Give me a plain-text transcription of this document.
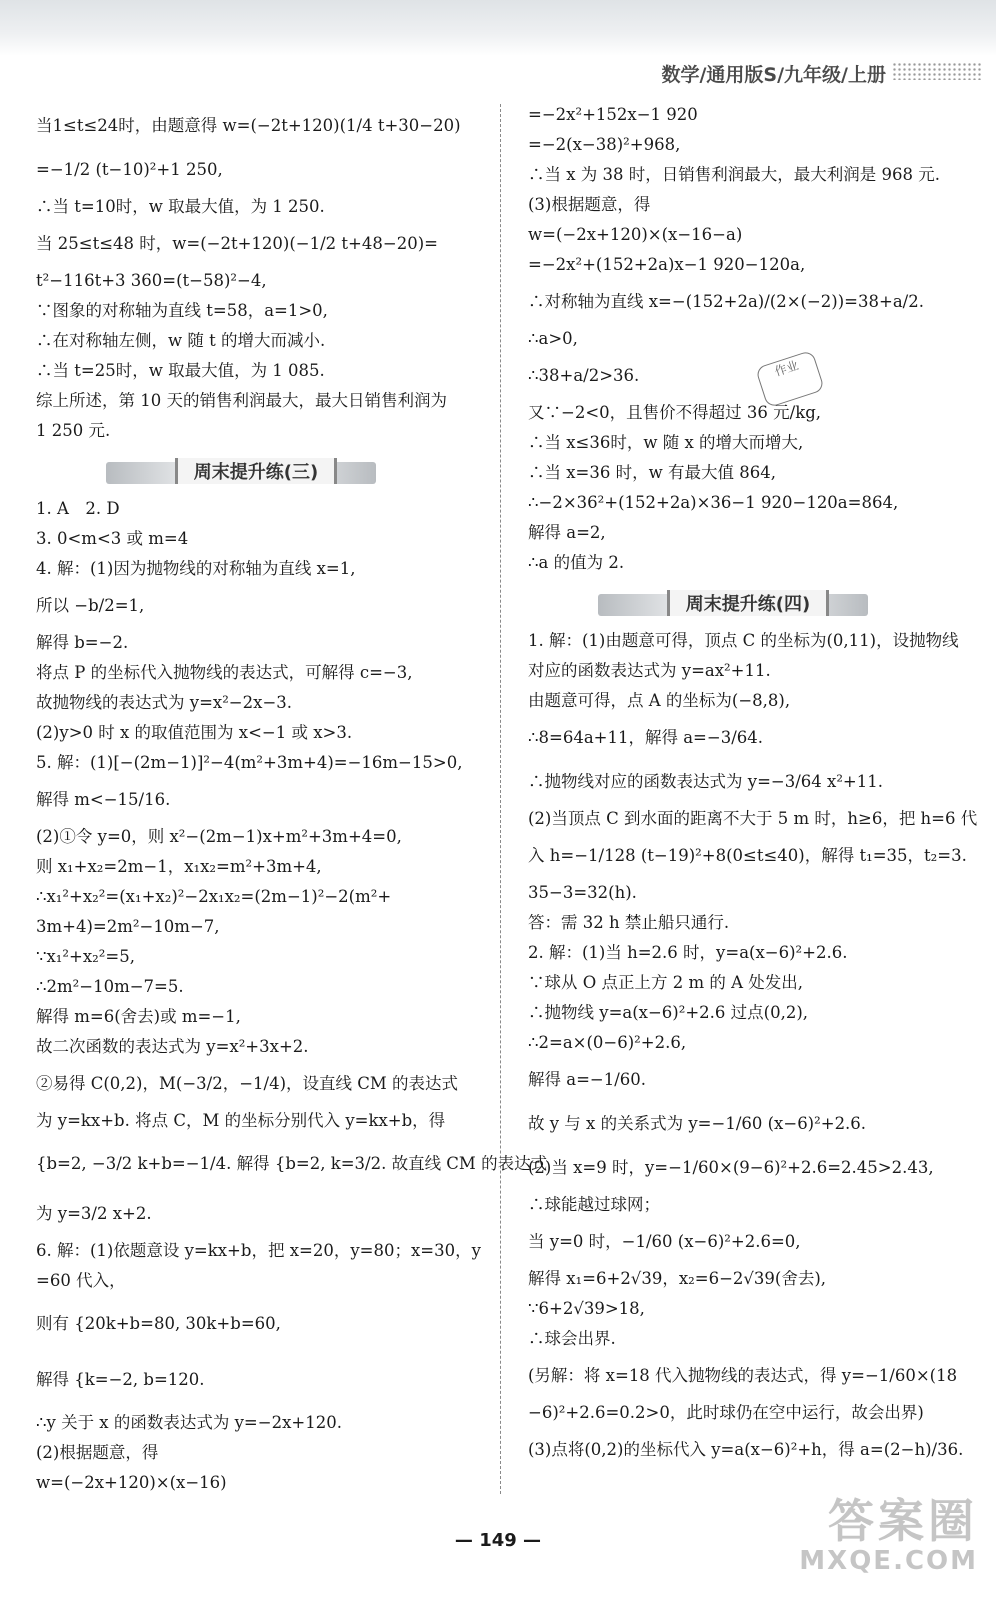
数学/通用版S/九年级/上册
当1≤t≤24时，由题意得 w=(−2t+120)(1/4 t+30−20)
=−1/2 (t−10)²+1 250,
∴当 t=10时，w 取最大值，为 1 250.
当 25≤t≤48 时，w=(−2t+120)(−1/2 t+48−20)=
t²−116t+3 360=(t−58)²−4,
∵图象的对称轴为直线 t=58，a=1>0,
∴在对称轴左侧，w 随 t 的增大而减小.
∴当 t=25时，w 取最大值，为 1 085.
综上所述，第 10 天的销售利润最大，最大日销售利润为
1 250 元.
周末提升练(三)
1. A　2. D
3. 0<m<3 或 m=4
4. 解：(1)因为抛物线的对称轴为直线 x=1,
所以 −b/2=1,
解得 b=−2.
将点 P 的坐标代入抛物线的表达式，可解得 c=−3,
故抛物线的表达式为 y=x²−2x−3.
(2)y>0 时 x 的取值范围为 x<−1 或 x>3.
5. 解：(1)[−(2m−1)]²−4(m²+3m+4)=−16m−15>0,
解得 m<−15/16.
(2)①令 y=0，则 x²−(2m−1)x+m²+3m+4=0,
则 x₁+x₂=2m−1，x₁x₂=m²+3m+4,
∴x₁²+x₂²=(x₁+x₂)²−2x₁x₂=(2m−1)²−2(m²+
3m+4)=2m²−10m−7,
∵x₁²+x₂²=5,
∴2m²−10m−7=5.
解得 m=6(舍去)或 m=−1,
故二次函数的表达式为 y=x²+3x+2.
②易得 C(0,2)，M(−3/2，−1/4)，设直线 CM 的表达式
为 y=kx+b. 将点 C，M 的坐标分别代入 y=kx+b，得
{b=2, −3/2 k+b=−1/4. 解得 {b=2, k=3/2. 故直线 CM 的表达式
为 y=3/2 x+2.
6. 解：(1)依题意设 y=kx+b，把 x=20，y=80；x=30，y
=60 代入，
则有 {20k+b=80, 30k+b=60,
解得 {k=−2, b=120.
∴y 关于 x 的函数表达式为 y=−2x+120.
(2)根据题意，得
w=(−2x+120)×(x−16)
=−2x²+152x−1 920
=−2(x−38)²+968,
∴当 x 为 38 时，日销售利润最大，最大利润是 968 元.
(3)根据题意，得
w=(−2x+120)×(x−16−a)
=−2x²+(152+2a)x−1 920−120a,
∴对称轴为直线 x=−(152+2a)/(2×(−2))=38+a/2.
∴a>0,
∴38+a/2>36.
又∵−2<0，且售价不得超过 36 元/kg,
∴当 x≤36时，w 随 x 的增大而增大,
∴当 x=36 时，w 有最大值 864,
∴−2×36²+(152+2a)×36−1 920−120a=864,
解得 a=2,
∴a 的值为 2.
周末提升练(四)
1. 解：(1)由题意可得，顶点 C 的坐标为(0,11)，设抛物线
对应的函数表达式为 y=ax²+11.
由题意可得，点 A 的坐标为(−8,8),
∴8=64a+11，解得 a=−3/64.
∴抛物线对应的函数表达式为 y=−3/64 x²+11.
(2)当顶点 C 到水面的距离不大于 5 m 时，h≥6，把 h=6 代
入 h=−1/128 (t−19)²+8(0≤t≤40)，解得 t₁=35，t₂=3.
35−3=32(h).
答：需 32 h 禁止船只通行.
2. 解：(1)当 h=2.6 时，y=a(x−6)²+2.6.
∵球从 O 点正上方 2 m 的 A 处发出,
∴抛物线 y=a(x−6)²+2.6 过点(0,2),
∴2=a×(0−6)²+2.6,
解得 a=−1/60.
故 y 与 x 的关系式为 y=−1/60 (x−6)²+2.6.
(2)当 x=9 时，y=−1/60×(9−6)²+2.6=2.45>2.43,
∴球能越过球网；
当 y=0 时，−1/60 (x−6)²+2.6=0,
解得 x₁=6+2√39，x₂=6−2√39(舍去),
∵6+2√39>18,
∴球会出界.
(另解：将 x=18 代入抛物线的表达式，得 y=−1/60×(18
−6)²+2.6=0.2>0，此时球仍在空中运行，故会出界)
(3)点将(0,2)的坐标代入 y=a(x−6)²+h，得 a=(2−h)/36.
作业
— 149 —	答案圈
MXQE.COM
